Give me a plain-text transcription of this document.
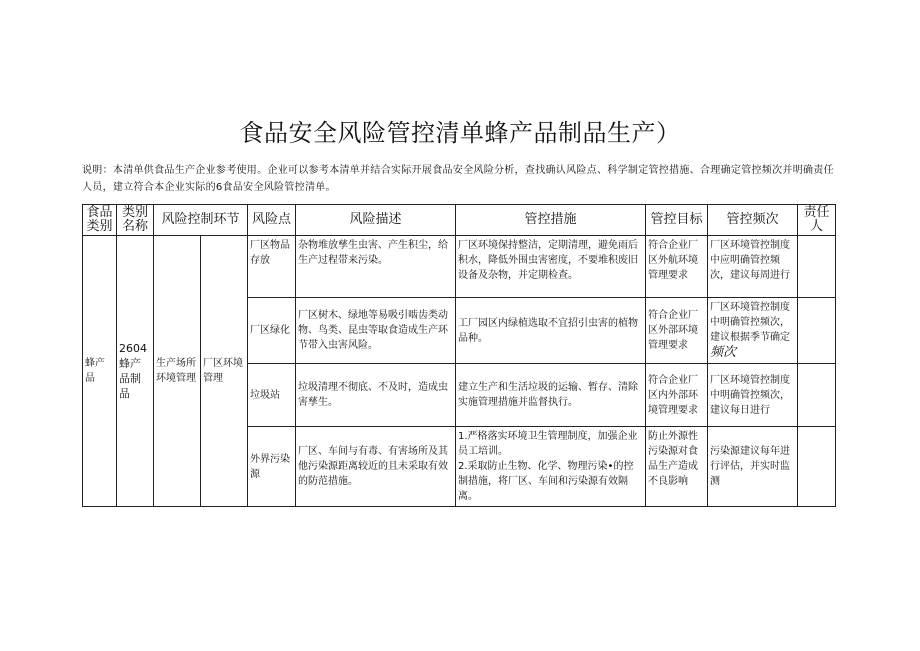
食品安全风险管控清单蜂产品制品生产）
说明：本清单供食品生产企业参考使用。企业可以参考本清单并结合实际开展食品安全风险分析，查找确认风险点、科学制定管控措施、合理确定管控频次并明确责任人员，建立符合本企业实际的6食品安全风险管控清单。
食品类别	类别名称	风险控制环节		风险点	风险描述	管控措施	管控目标	管控频次	责任人
蜂产品	2604蜂产品制品	生产场所环境管理	厂区环境管理	厂区物品存放	杂物堆放孳生虫害、产生积尘，给生产过程带来污染。	厂区环境保持整洁，定期清理，避免雨后积水，降低外围虫害密度，不要堆积废旧设备及杂物，并定期检查。	符合企业厂区外航环境管理要求	厂区环境管控制度中应明确管控频次，建议每周进行	
				厂区绿化	厂区树木、绿地等易吸引啮齿类动物、鸟类、昆虫等取食造成生产环节带入虫害风险。	工厂园区内绿植选取不宜招引虫害的植物品种。	符合企业厂区外部环境管理要求	厂区环境管控制度中明确管控频次，建议根据季节确定
频次	
				垃圾站	垃圾清理不彻底、不及时，造成虫害孳生。	建立生产和生活垃圾的运输、暂存、清除实施管理措施并监督执行。	符合企业厂区内外部环境管理要求	厂区环境管控制度中明确管控频次，建议每日进行	
				外界污染源	厂区、车间与有毒、有害场所及其他污染源距离较近的且未采取有效的防范措施。	1.严格落实环境卫生管理制度，加强企业员工培训。
2.采取防止生物、化学、物理污染•的控制措施，将厂区、车间和污染源有效隔离。	防止外源性污染源对食品生产造成不良影响	污染源建议每年进行评估，并实时监测	
